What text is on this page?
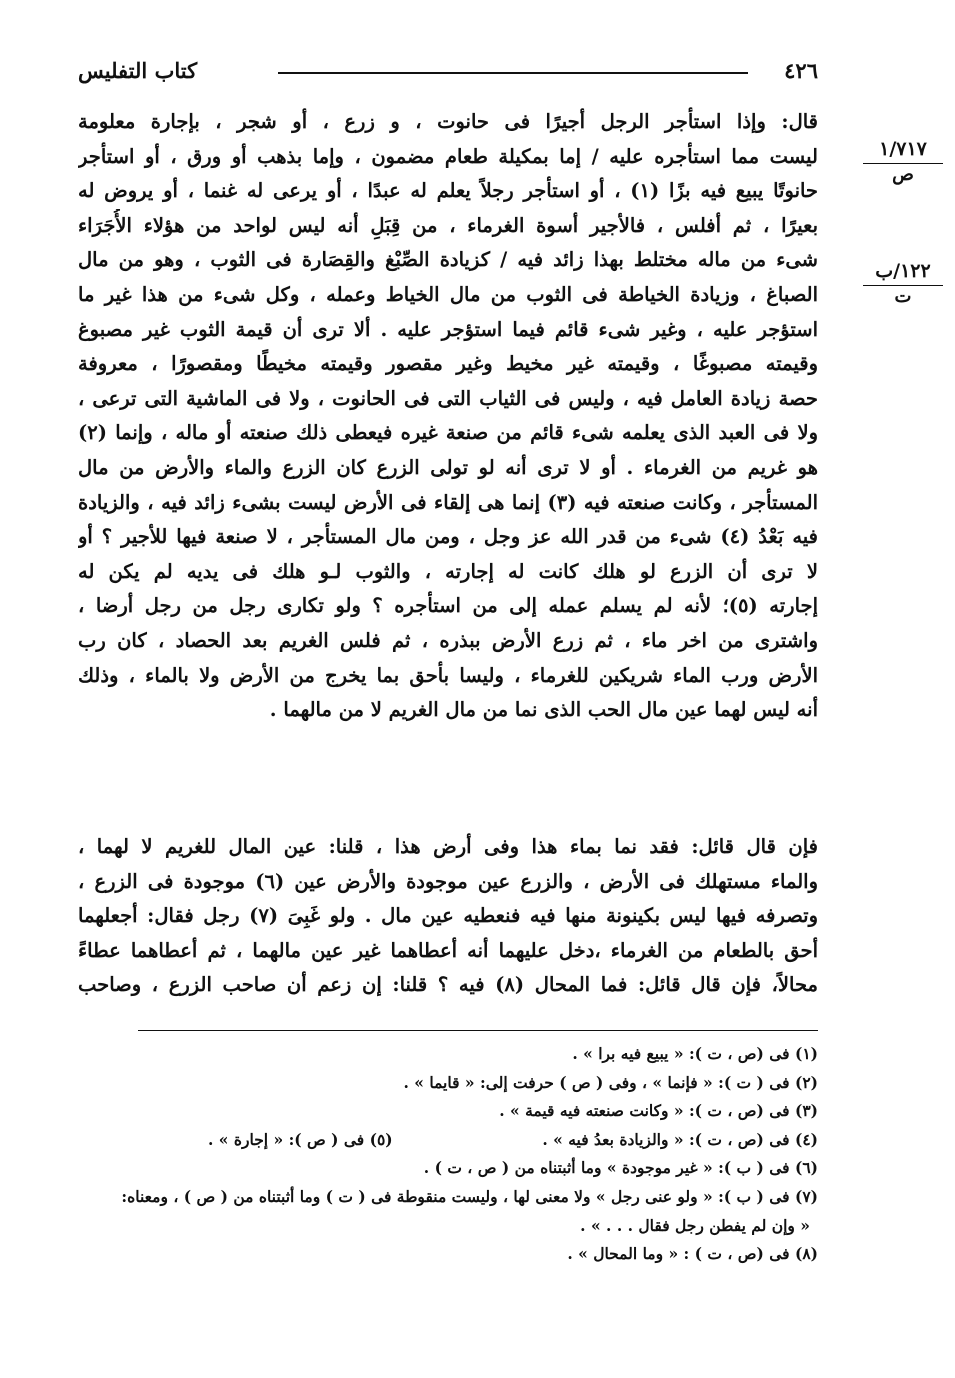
٤٢٦
كتاب التفليس
١/٧١٧
ص
١٢٢/ب
ت
قال: وإذا استأجر الرجل أجيرًا فى حانوت ، و زرع ، أو شجر ، بإجارة معلومة
ليست مما استأجره عليه / إما بمكيلة طعام مضمون ، وإما بذهب أو ورق ، أو استأجر
حانوتًا يبيع فيه بزًا (١) ، أو استأجر رجلاً يعلم له عبدًا ، أو يرعى له غنما ، أو يروض له
بعيرًا ، ثم أفلس ، فالأجير أسوة الغرماء ، من قِبَلِ أنه ليس لواحد من هؤلاء الأُجَرَاء
شىء من ماله مختلط بهذا زائد فيه / كزيادة الصِّبْغ والقِصَارة فى الثوب ، وهو من مال
الصباغ ، وزيادة الخياطة فى الثوب من مال الخياط وعمله ، وكل شىء من هذا غير ما
استؤجر عليه ، وغير شىء قائم فيما استؤجر عليه . ألا ترى أن قيمة الثوب غير مصبوغ
وقيمته مصبوغًا ، وقيمته غير مخيط وغير مقصور وقيمته مخيطًا ومقصورًا ، معروفة
حصة زيادة العامل فيه ، وليس فى الثياب التى فى الحانوت ، ولا فى الماشية التى ترعى ،
ولا فى العبد الذى يعلمه شىء قائم من صنعة غيره فيعطى ذلك صنعته أو ماله ، وإنما (٢)
هو غريم من الغرماء . أو لا ترى أنه لو تولى الزرع كان الزرع والماء والأرض من مال
المستأجر ، وكانت صنعته فيه (٣) إنما هى إلقاء فى الأرض ليست بشىء زائد فيه ، والزيادة
فيه بَعْدُ (٤) شىء من قدر الله عز وجل ، ومن مال المستأجر ، لا صنعة فيها للأجير ؟ أو
لا ترى أن الزرع لو هلك كانت له إجارته ، والثوب لـو هلك فى يديه لم يكن له
إجارته (٥)؛ لأنه لم يسلم عمله إلى من استأجره ؟ ولو تكارى رجل من رجل أرضا ،
واشترى من اخر ماء ، ثم زرع الأرض ببذره ، ثم فلس الغريم بعد الحصاد ، كان رب
الأرض ورب الماء شريكين للغرماء ، وليسا بأحق بما يخرج من الأرض ولا بالماء ، وذلك
أنه ليس لهما عين مال الحب الذى نما من مال الغريم لا من مالهما .
فإن قال قائل: فقد نما بماء هذا وفى أرض هذا ، قلنا: عين المال للغريم لا لهما ،
والماء مستهلك فى الأرض ، والزرع عين موجودة والأرض عين (٦) موجودة فى الزرع ،
وتصرفه فيها ليس بكينونة منها فيه فنعطيه عين مال . ولو غَبِىَ (٧) رجل فقال: أجعلهما
أحق بالطعام من الغرماء ،دخل عليهما أنه أعطاهما غير عين مالهما ، ثم أعطاهما عطاءً
محالاً، فإن قال قائل: فما المحال (٨) فيه ؟ قلنا: إن زعم أن صاحب الزرع ، وصاحب
(١) فى (ص ، ت ): « يبيع فيه برا » .
(٢) فى ( ت ): « فإنما » ، وفى ( ص ) حرفت إلى: « قايما » .
(٣) فى (ص ، ت ): « وكانت صنعته فيه قيمة » .
(٤) فى (ص ، ت ): « والزيادة بعدُ فيه » .
(٥) فى ( ص ): « إجارة » .
(٦) فى ( ب ): « غير موجودة » وما أثبتناه من ( ص ، ت ) .
(٧) فى ( ب ): « ولو عنى رجل » ولا معنى لها ، وليست منقوطة فى ( ت ) وما أثبتناه من ( ص ) ، ومعناه:
« وإن لم يفطن رجل فقال . . . » .
(٨) فى (ص ، ت ) : « وما المحال » .
